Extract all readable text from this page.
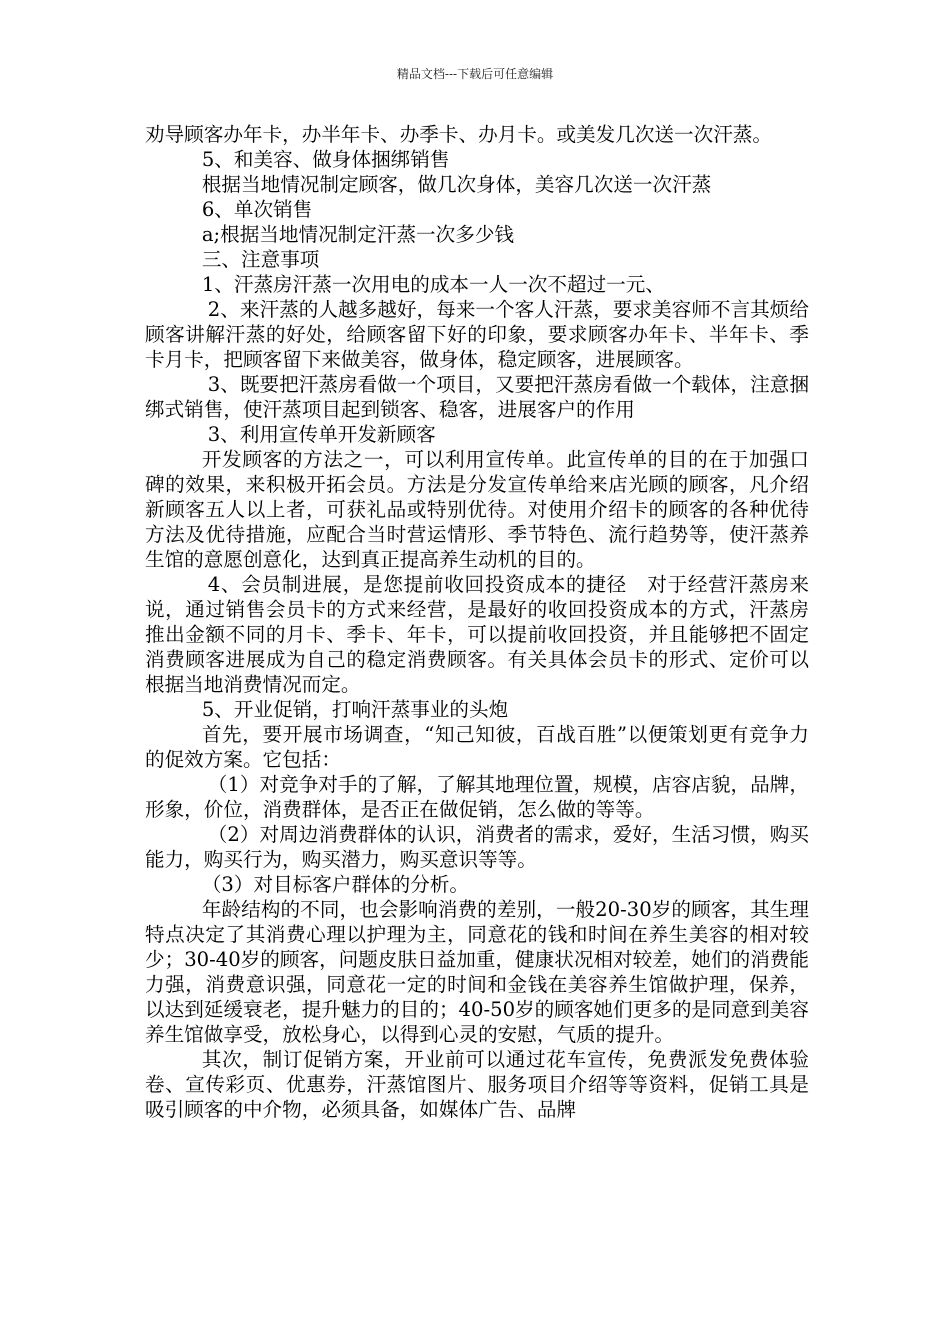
精品文档---下载后可任意编辑

劝导顾客办年卡，办半年卡、办季卡、办月卡。或美发几次送一次汗蒸。

5、和美容、做身体捆绑销售

根据当地情况制定顾客，做几次身体，美容几次送一次汗蒸

6、单次销售

a;根据当地情况制定汗蒸一次多少钱

三、注意事项

1、汗蒸房汗蒸一次用电的成本一人一次不超过一元、

2、来汗蒸的人越多越好，每来一个客人汗蒸，要求美容师不言其烦给顾客讲解汗蒸的好处，给顾客留下好的印象，要求顾客办年卡、半年卡、季卡月卡，把顾客留下来做美容，做身体，稳定顾客，进展顾客。

3、既要把汗蒸房看做一个项目，又要把汗蒸房看做一个载体，注意捆绑式销售，使汗蒸项目起到锁客、稳客，进展客户的作用

3、利用宣传单开发新顾客

开发顾客的方法之一，可以利用宣传单。此宣传单的目的在于加强口碑的效果，来积极开拓会员。方法是分发宣传单给来店光顾的顾客，凡介绍新顾客五人以上者，可获礼品或特别优待。对使用介绍卡的顾客的各种优待方法及优待措施，应配合当时营运情形、季节特色、流行趋势等，使汗蒸养生馆的意愿创意化，达到真正提高养生动机的目的。

4、会员制进展，是您提前收回投资成本的捷径　对于经营汗蒸房来说，通过销售会员卡的方式来经营，是最好的收回投资成本的方式，汗蒸房推出金额不同的月卡、季卡、年卡，可以提前收回投资，并且能够把不固定消费顾客进展成为自己的稳定消费顾客。有关具体会员卡的形式、定价可以根据当地消费情况而定。

5、开业促销，打响汗蒸事业的头炮

首先，要开展市场调查，“知己知彼，百战百胜”以便策划更有竞争力的促效方案。它包括：

（1）对竞争对手的了解，了解其地理位置，规模，店容店貌，品牌，形象，价位，消费群体，是否正在做促销，怎么做的等等。

（2）对周边消费群体的认识，消费者的需求，爱好，生活习惯，购买能力，购买行为，购买潜力，购买意识等等。

（3）对目标客户群体的分析。

年龄结构的不同，也会影响消费的差别，一般20-30岁的顾客，其生理特点决定了其消费心理以护理为主，同意花的钱和时间在养生美容的相对较少；30-40岁的顾客，问题皮肤日益加重，健康状况相对较差，她们的消费能力强，消费意识强，同意花一定的时间和金钱在美容养生馆做护理，保养，以达到延缓衰老，提升魅力的目的；40-50岁的顾客她们更多的是同意到美容养生馆做享受，放松身心，以得到心灵的安慰，气质的提升。

其次，制订促销方案，开业前可以通过花车宣传，免费派发免费体验卷、宣传彩页、优惠券，汗蒸馆图片、服务项目介绍等等资料，促销工具是吸引顾客的中介物，必须具备，如媒体广告、品牌
